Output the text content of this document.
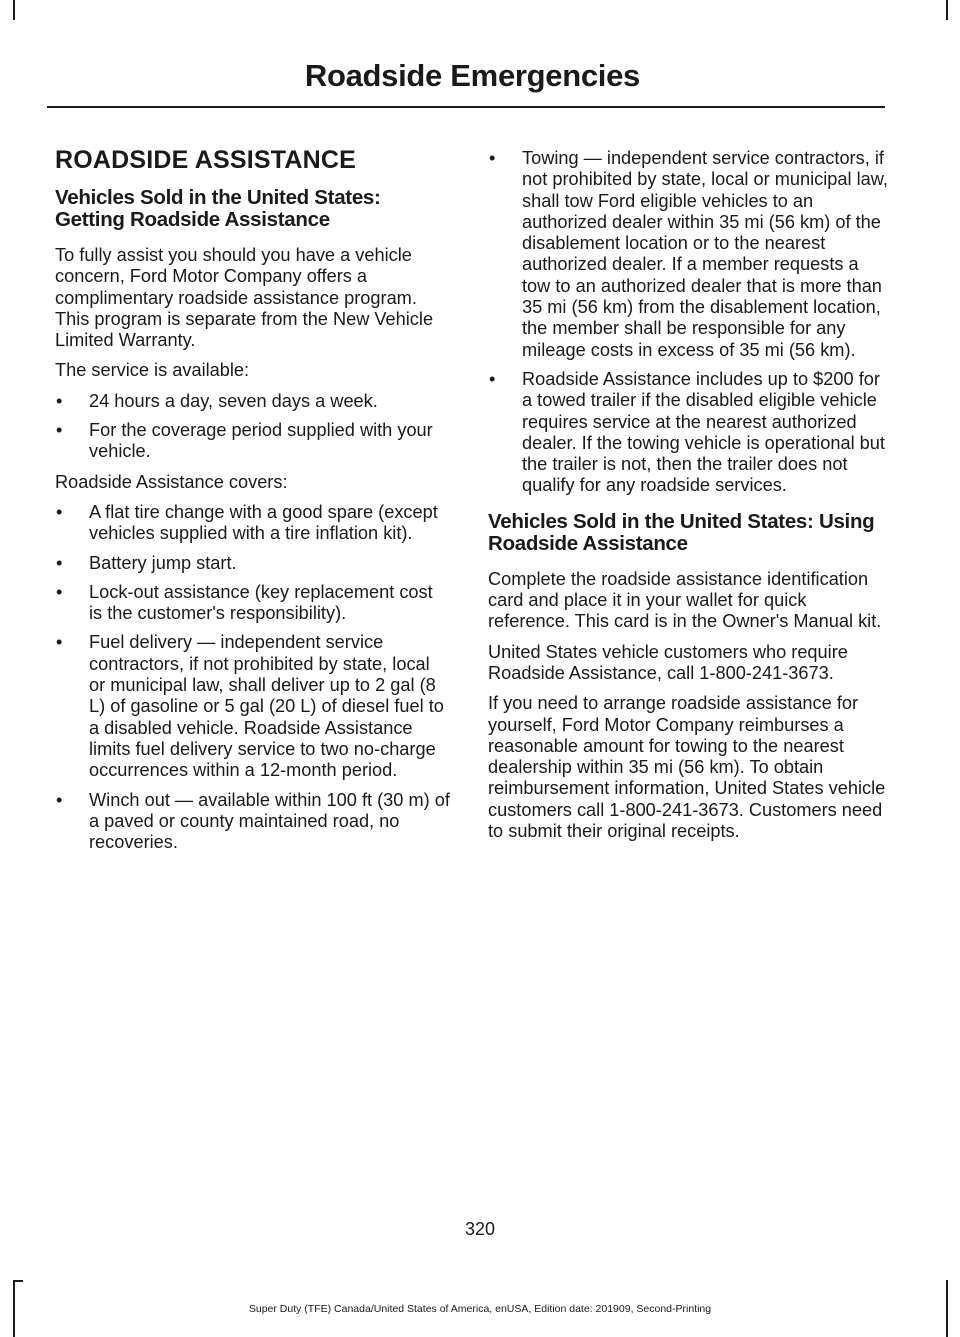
Roadside Emergencies
ROADSIDE ASSISTANCE
Vehicles Sold in the United States: Getting Roadside Assistance

To fully assist you should you have a vehicle concern, Ford Motor Company offers a complimentary roadside assistance program. This program is separate from the New Vehicle Limited Warranty.

The service is available:

• 24 hours a day, seven days a week.
• For the coverage period supplied with your vehicle.

Roadside Assistance covers:

• A flat tire change with a good spare (except vehicles supplied with a tire inflation kit).
• Battery jump start.
• Lock-out assistance (key replacement cost is the customer's responsibility).
• Fuel delivery — independent service contractors, if not prohibited by state, local or municipal law, shall deliver up to 2 gal (8 L) of gasoline or 5 gal (20 L) of diesel fuel to a disabled vehicle. Roadside Assistance limits fuel delivery service to two no-charge occurrences within a 12-month period.
• Winch out — available within 100 ft (30 m) of a paved or county maintained road, no recoveries.
• Towing — independent service contractors, if not prohibited by state, local or municipal law, shall tow Ford eligible vehicles to an authorized dealer within 35 mi (56 km) of the disablement location or to the nearest authorized dealer. If a member requests a tow to an authorized dealer that is more than 35 mi (56 km) from the disablement location, the member shall be responsible for any mileage costs in excess of 35 mi (56 km).
• Roadside Assistance includes up to $200 for a towed trailer if the disabled eligible vehicle requires service at the nearest authorized dealer. If the towing vehicle is operational but the trailer is not, then the trailer does not qualify for any roadside services.
Vehicles Sold in the United States: Using Roadside Assistance

Complete the roadside assistance identification card and place it in your wallet for quick reference. This card is in the Owner's Manual kit.

United States vehicle customers who require Roadside Assistance, call 1-800-241-3673.

If you need to arrange roadside assistance for yourself, Ford Motor Company reimburses a reasonable amount for towing to the nearest dealership within 35 mi (56 km). To obtain reimbursement information, United States vehicle customers call 1-800-241-3673. Customers need to submit their original receipts.

320
Super Duty (TFE) Canada/United States of America, enUSA, Edition date: 201909, Second-Printing
